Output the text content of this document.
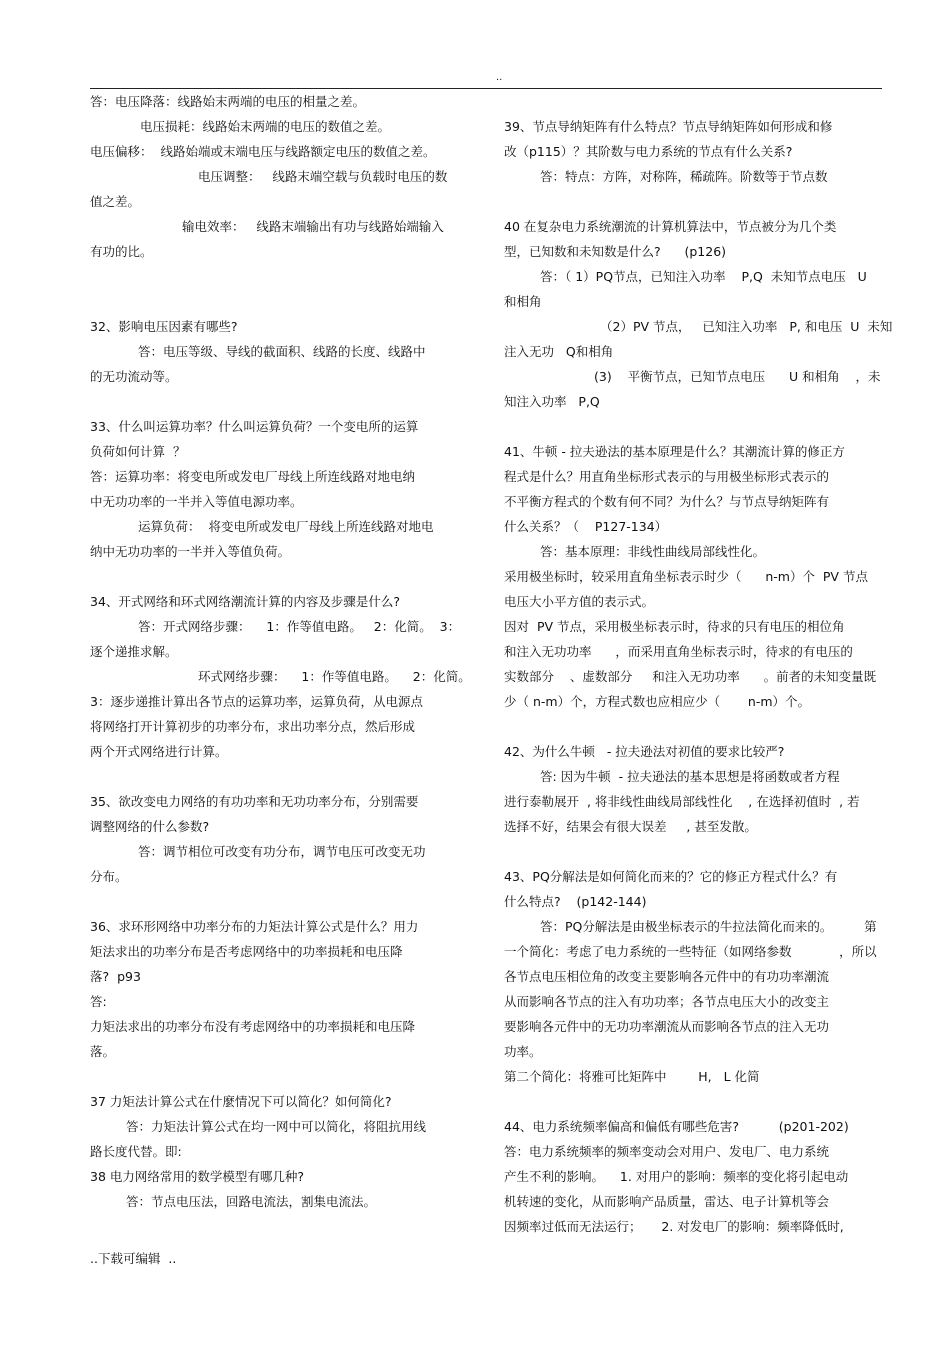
..
答：电压降落：线路始末两端的电压的相量之差。
电压损耗：线路始末两端的电压的数值之差。
电压偏移：  线路始端或末端电压与线路额定电压的数值之差。
电压调整：   线路末端空载与负载时电压的数
值之差。
输电效率：   线路末端输出有功与线路始端输入
有功的比。
32、影响电压因素有哪些?
答：电压等级、导线的截面积、线路的长度、线路中
的无功流动等。
33、什么叫运算功率？什么叫运算负荷？一个变电所的运算
负荷如何计算  ？
答：运算功率：将变电所或发电厂母线上所连线路对地电纳
中无功功率的一半并入等值电源功率。
运算负荷：  将变电所或发电厂母线上所连线路对地电
纳中无功功率的一半并入等值负荷。
34、开式网络和环式网络潮流计算的内容及步骤是什么?
答：开式网络步骤：    1：作等值电路。   2：化简。  3：
逐个递推求解。
环式网络步骤：    1：作等值电路。    2：化简。
3：逐步递推计算出各节点的运算功率，运算负荷，从电源点
将网络打开计算初步的功率分布，求出功率分点，然后形成
两个开式网络进行计算。
35、欲改变电力网络的有功功率和无功功率分布，分别需要
调整网络的什么参数?
答：调节相位可改变有功分布，调节电压可改变无功
分布。
36、求环形网络中功率分布的力矩法计算公式是什么？用力
矩法求出的功率分布是否考虑网络中的功率损耗和电压降
落?  p93
答:
力矩法求出的功率分布没有考虑网络中的功率损耗和电压降
落。
37 力矩法计算公式在什麼情况下可以简化？如何简化?
答：力矩法计算公式在均一网中可以简化，将阻抗用线
路长度代替。即:
38 电力网络常用的数学模型有哪几种?
答：节点电压法，回路电流法，割集电流法。
39、节点导纳矩阵有什么特点？节点导纳矩阵如何形成和修
改（p115）？其阶数与电力系统的节点有什么关系?
答：特点：方阵，对称阵，稀疏阵。阶数等于节点数
40 在复杂电力系统潮流的计算机算法中，节点被分为几个类
型，已知数和未知数是什么?      (p126)
答：（ 1）PQ节点，已知注入功率    P,Q  未知节点电压   U
和相角
（2）PV 节点，   已知注入功率   P, 和电压  U  未知
注入无功   Q和相角
(3)    平衡节点，已知节点电压      U 和相角    ，未
知注入功率   P,Q
41、牛顿 - 拉夫逊法的基本原理是什么？其潮流计算的修正方
程式是什么？用直角坐标形式表示的与用极坐标形式表示的
不平衡方程式的个数有何不同？为什么？与节点导纳矩阵有
什么关系？（    P127-134）
答：基本原理：非线性曲线局部线性化。
采用极坐标时，较采用直角坐标表示时少（      n-m）个  PV 节点
电压大小平方值的表示式。
因对  PV 节点，采用极坐标表示时，待求的只有电压的相位角
和注入无功功率      ，而采用直角坐标表示时，待求的有电压的
实数部分    、虚数部分     和注入无功功率      。前者的未知变量既
少（ n-m）个，方程式数也应相应少（       n-m）个。
42、为什么牛顿   - 拉夫逊法对初值的要求比较严?
答: 因为牛顿  - 拉夫逊法的基本思想是将函数或者方程
进行泰勒展开  , 将非线性曲线局部线性化    , 在选择初值时  , 若
选择不好，结果会有很大误差     , 甚至发散。
43、PQ分解法是如何简化而来的？它的修正方程式什么？有
什么特点?    (p142-144)
答：PQ分解法是由极坐标表示的牛拉法简化而来的。        第
一个简化：考虑了电力系统的一些特征（如网络参数            ，所以
各节点电压相位角的改变主要影响各元件中的有功功率潮流
从而影响各节点的注入有功功率；各节点电压大小的改变主
要影响各元件中的无功功率潮流从而影响各节点的注入无功
功率。
第二个简化：将雅可比矩阵中        H,   L 化简
44、电力系统频率偏高和偏低有哪些危害?          (p201-202)
答：电力系统频率的频率变动会对用户、发电厂、电力系统
产生不利的影响。    1. 对用户的影响：频率的变化将引起电动
机转速的变化，从而影响产品质量，雷达、电子计算机等会
因频率过低而无法运行；     2. 对发电厂的影响：频率降低时,
..下载可编辑  ..
